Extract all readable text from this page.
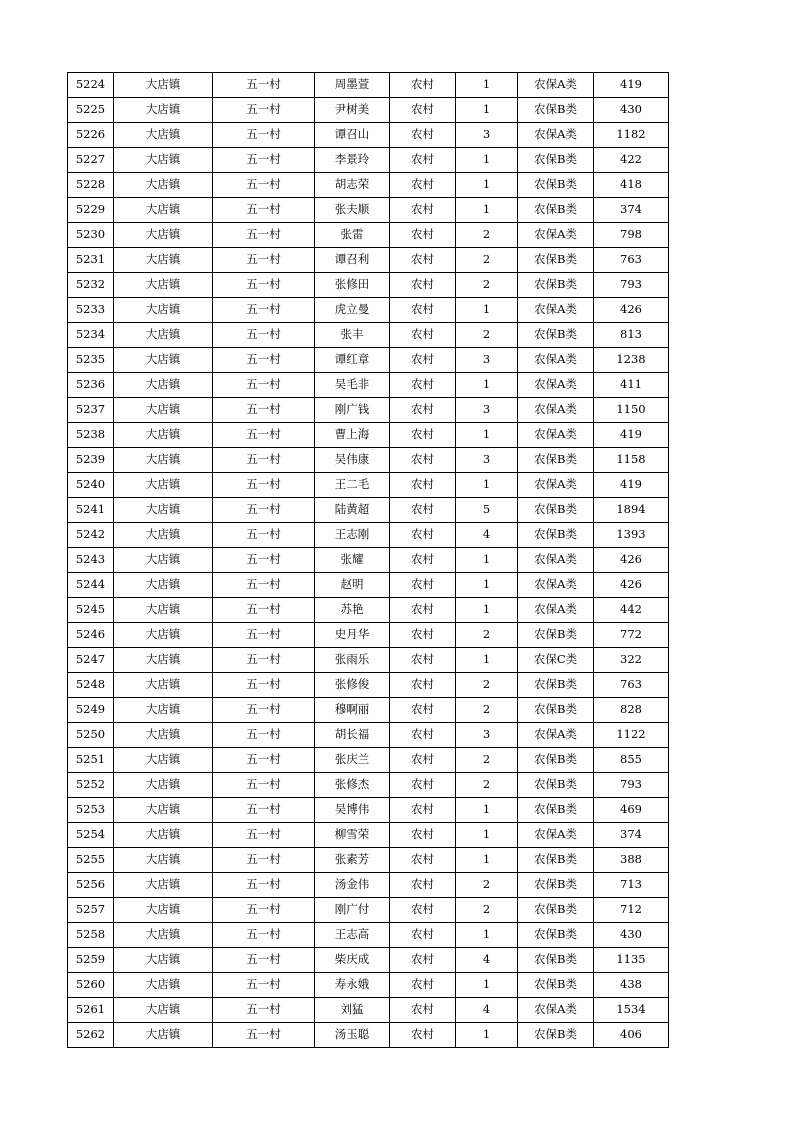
5224	大店镇	五一村	周墨萱	农村	1	农保A类	419
5225	大店镇	五一村	尹树美	农村	1	农保B类	430
5226	大店镇	五一村	谭召山	农村	3	农保A类	1182
5227	大店镇	五一村	李景玲	农村	1	农保B类	422
5228	大店镇	五一村	胡志荣	农村	1	农保B类	418
5229	大店镇	五一村	张夫顺	农村	1	农保B类	374
5230	大店镇	五一村	张雷	农村	2	农保A类	798
5231	大店镇	五一村	谭召利	农村	2	农保B类	763
5232	大店镇	五一村	张修田	农村	2	农保B类	793
5233	大店镇	五一村	虎立曼	农村	1	农保A类	426
5234	大店镇	五一村	张丰	农村	2	农保B类	813
5235	大店镇	五一村	谭红章	农村	3	农保A类	1238
5236	大店镇	五一村	吴毛非	农村	1	农保A类	411
5237	大店镇	五一村	刚广钱	农村	3	农保A类	1150
5238	大店镇	五一村	曹上海	农村	1	农保A类	419
5239	大店镇	五一村	吴伟康	农村	3	农保B类	1158
5240	大店镇	五一村	王二毛	农村	1	农保A类	419
5241	大店镇	五一村	陆黄超	农村	5	农保B类	1894
5242	大店镇	五一村	王志刚	农村	4	农保B类	1393
5243	大店镇	五一村	张耀	农村	1	农保A类	426
5244	大店镇	五一村	赵明	农村	1	农保A类	426
5245	大店镇	五一村	苏艳	农村	1	农保A类	442
5246	大店镇	五一村	史月华	农村	2	农保B类	772
5247	大店镇	五一村	张雨乐	农村	1	农保C类	322
5248	大店镇	五一村	张修俊	农村	2	农保B类	763
5249	大店镇	五一村	穆啊丽	农村	2	农保B类	828
5250	大店镇	五一村	胡长福	农村	3	农保A类	1122
5251	大店镇	五一村	张庆兰	农村	2	农保B类	855
5252	大店镇	五一村	张修杰	农村	2	农保B类	793
5253	大店镇	五一村	吴博伟	农村	1	农保B类	469
5254	大店镇	五一村	柳雪荣	农村	1	农保A类	374
5255	大店镇	五一村	张素芳	农村	1	农保B类	388
5256	大店镇	五一村	汤金伟	农村	2	农保B类	713
5257	大店镇	五一村	刚广付	农村	2	农保B类	712
5258	大店镇	五一村	王志高	农村	1	农保B类	430
5259	大店镇	五一村	柴庆成	农村	4	农保B类	1135
5260	大店镇	五一村	寿永娥	农村	1	农保B类	438
5261	大店镇	五一村	刘猛	农村	4	农保A类	1534
5262	大店镇	五一村	汤玉聪	农村	1	农保B类	406
